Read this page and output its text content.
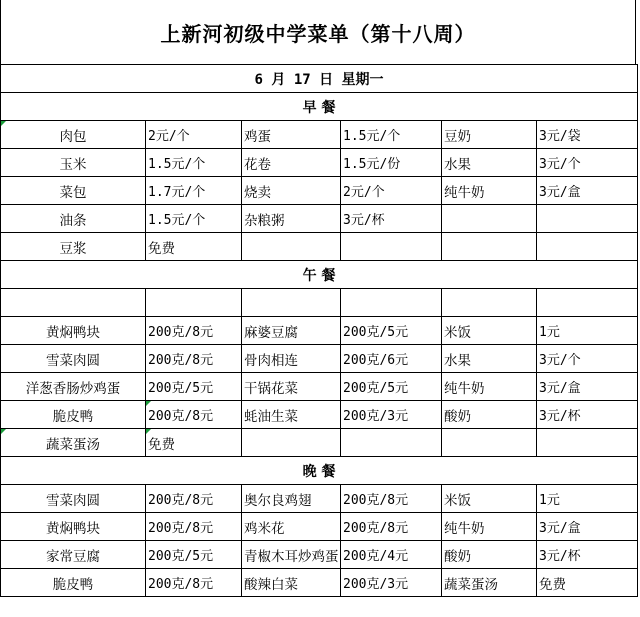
上新河初级中学菜单（第十八周）
6 月 17 日 星期一					
早 餐					
肉包	2元/个	鸡蛋	1.5元/个	豆奶	3元/袋
玉米	1.5元/个	花卷	1.5元/份	水果	3元/个
菜包	1.7元/个	烧卖	2元/个	纯牛奶	3元/盒
油条	1.5元/个	杂粮粥	3元/杯		
豆浆	免费				
午 餐					

黄焖鸭块	200克/8元	麻婆豆腐	200克/5元	米饭	1元
雪菜肉圆	200克/8元	骨肉相连	200克/6元	水果	3元/个
洋葱香肠炒鸡蛋	200克/5元	干锅花菜	200克/5元	纯牛奶	3元/盒
脆皮鸭	200克/8元	蚝油生菜	200克/3元	酸奶	3元/杯
蔬菜蛋汤	免费				
晚 餐					
雪菜肉圆	200克/8元	奥尔良鸡翅	200克/8元	米饭	1元
黄焖鸭块	200克/8元	鸡米花	200克/8元	纯牛奶	3元/盒
家常豆腐	200克/5元	青椒木耳炒鸡蛋	200克/4元	酸奶	3元/杯
脆皮鸭	200克/8元	酸辣白菜	200克/3元	蔬菜蛋汤	免费
